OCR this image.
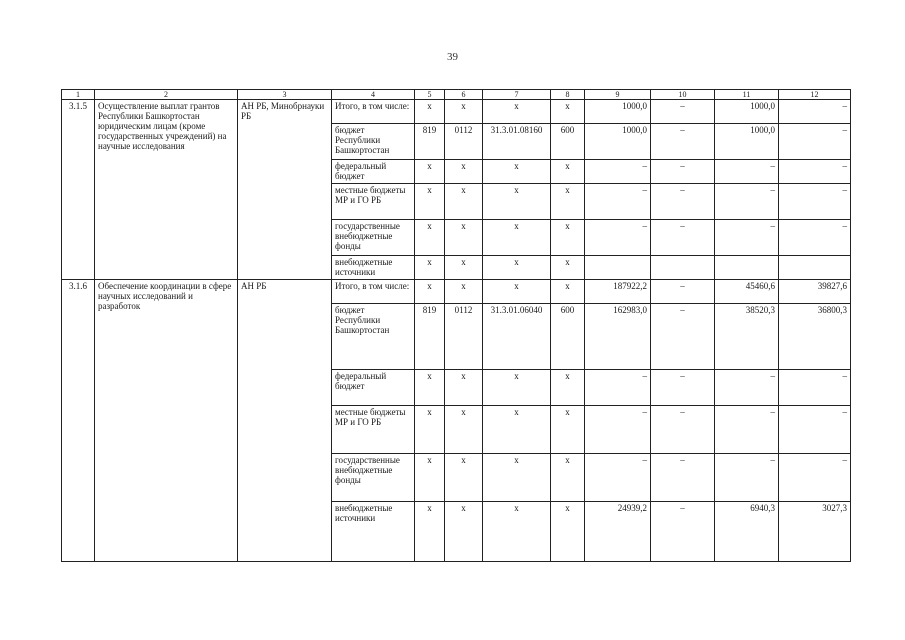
39
1	2	3	4	5	6	7	8	9	10	11	12
3.1.5	Осуществление выплат грантов Республики Башкортостан юридическим лицам (кроме государственных учреждений) на научные исследования	АН РБ, Минобрнауки РБ	Итого, в том числе:	x	x	x	x	1000,0	–	1000,0	–
			бюджет Республики Башкортостан	819	0112	31.3.01.08160	600	1000,0	–	1000,0	–
			федеральный бюджет	x	x	x	x	–	–	–	–
			местные бюджеты МР и ГО РБ	x	x	x	x	–	–	–	–
			государственные внебюджетные фонды	x	x	x	x	–	–	–	–
			внебюджетные источники	x	x	x	x				
3.1.6	Обеспечение координации в сфере научных исследований и разработок	АН РБ	Итого, в том числе:	x	x	x	x	187922,2	–	45460,6	39827,6
			бюджет Республики Башкортостан	819	0112	31.3.01.06040	600	162983,0	–	38520,3	36800,3
			федеральный бюджет	x	x	x	x	–	–	–	–
			местные бюджеты МР и ГО РБ	x	x	x	x	–	–	–	–
			государственные внебюджетные фонды	x	x	x	x	–	–	–	–
			внебюджетные источники	x	x	x	x	24939,2	–	6940,3	3027,3
